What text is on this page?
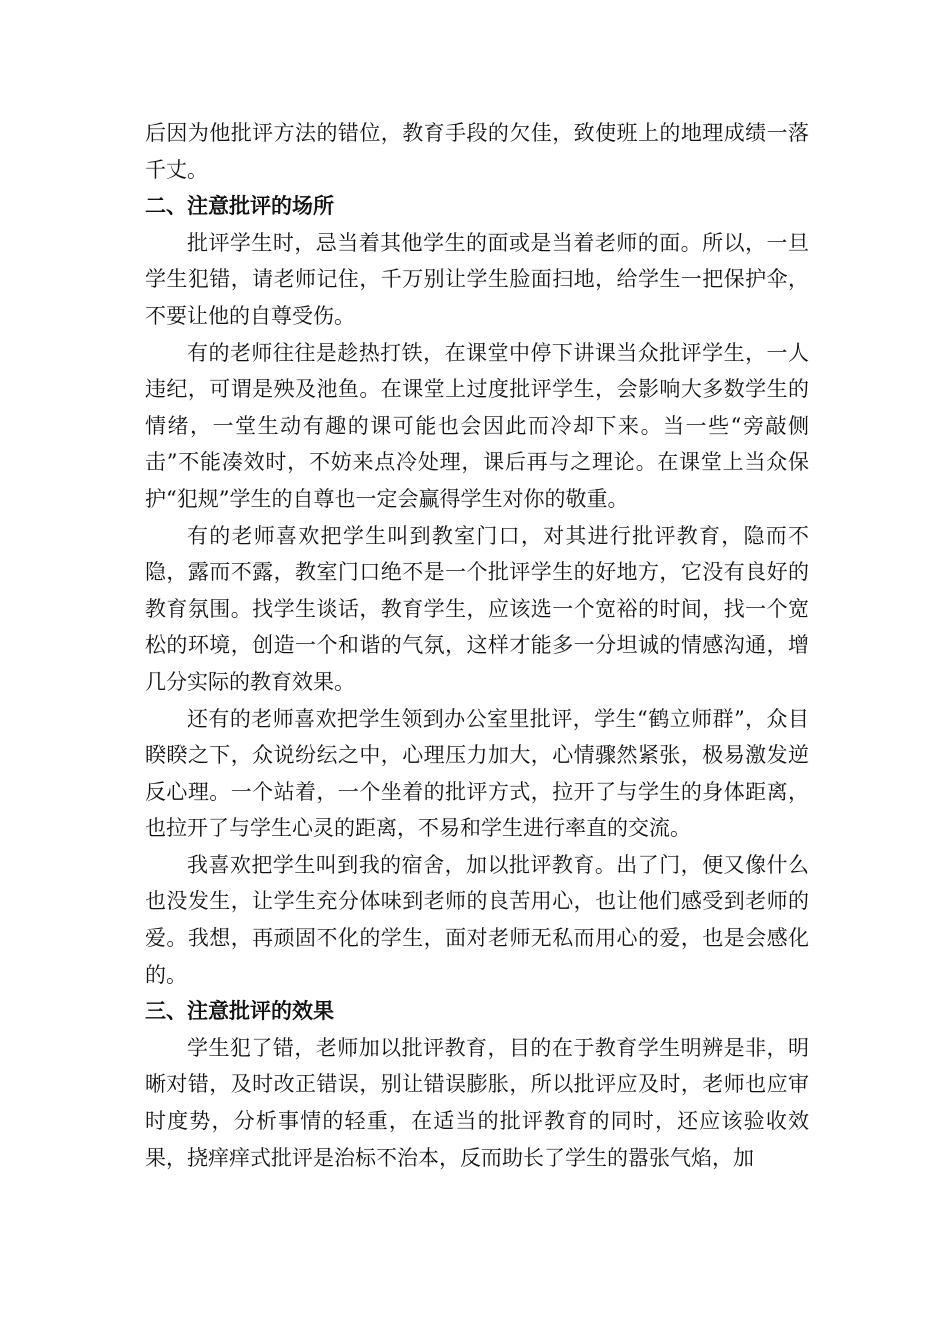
后因为他批评方法的错位，教育手段的欠佳，致使班上的地理成绩一落千丈。

二、注意批评的场所

批评学生时，忌当着其他学生的面或是当着老师的面。所以，一旦学生犯错，请老师记住，千万别让学生脸面扫地，给学生一把保护伞，不要让他的自尊受伤。

有的老师往往是趁热打铁，在课堂中停下讲课当众批评学生，一人违纪，可谓是殃及池鱼。在课堂上过度批评学生，会影响大多数学生的情绪，一堂生动有趣的课可能也会因此而冷却下来。当一些“旁敲侧击”不能凑效时，不妨来点冷处理，课后再与之理论。在课堂上当众保护“犯规”学生的自尊也一定会赢得学生对你的敬重。

有的老师喜欢把学生叫到教室门口，对其进行批评教育，隐而不隐，露而不露，教室门口绝不是一个批评学生的好地方，它没有良好的教育氛围。找学生谈话，教育学生，应该选一个宽裕的时间，找一个宽松的环境，创造一个和谐的气氛，这样才能多一分坦诚的情感沟通，增几分实际的教育效果。

还有的老师喜欢把学生领到办公室里批评，学生“鹤立师群”，众目睽睽之下，众说纷纭之中，心理压力加大，心情骤然紧张，极易激发逆反心理。一个站着，一个坐着的批评方式，拉开了与学生的身体距离，也拉开了与学生心灵的距离，不易和学生进行率直的交流。

我喜欢把学生叫到我的宿舍，加以批评教育。出了门，便又像什么也没发生，让学生充分体味到老师的良苦用心，也让他们感受到老师的爱。我想，再顽固不化的学生，面对老师无私而用心的爱，也是会感化的。

三、注意批评的效果

学生犯了错，老师加以批评教育，目的在于教育学生明辨是非，明晰对错，及时改正错误，别让错误膨胀，所以批评应及时，老师也应审时度势，分析事情的轻重，在适当的批评教育的同时，还应该验收效果，挠痒痒式批评是治标不治本，反而助长了学生的嚣张气焰，加
